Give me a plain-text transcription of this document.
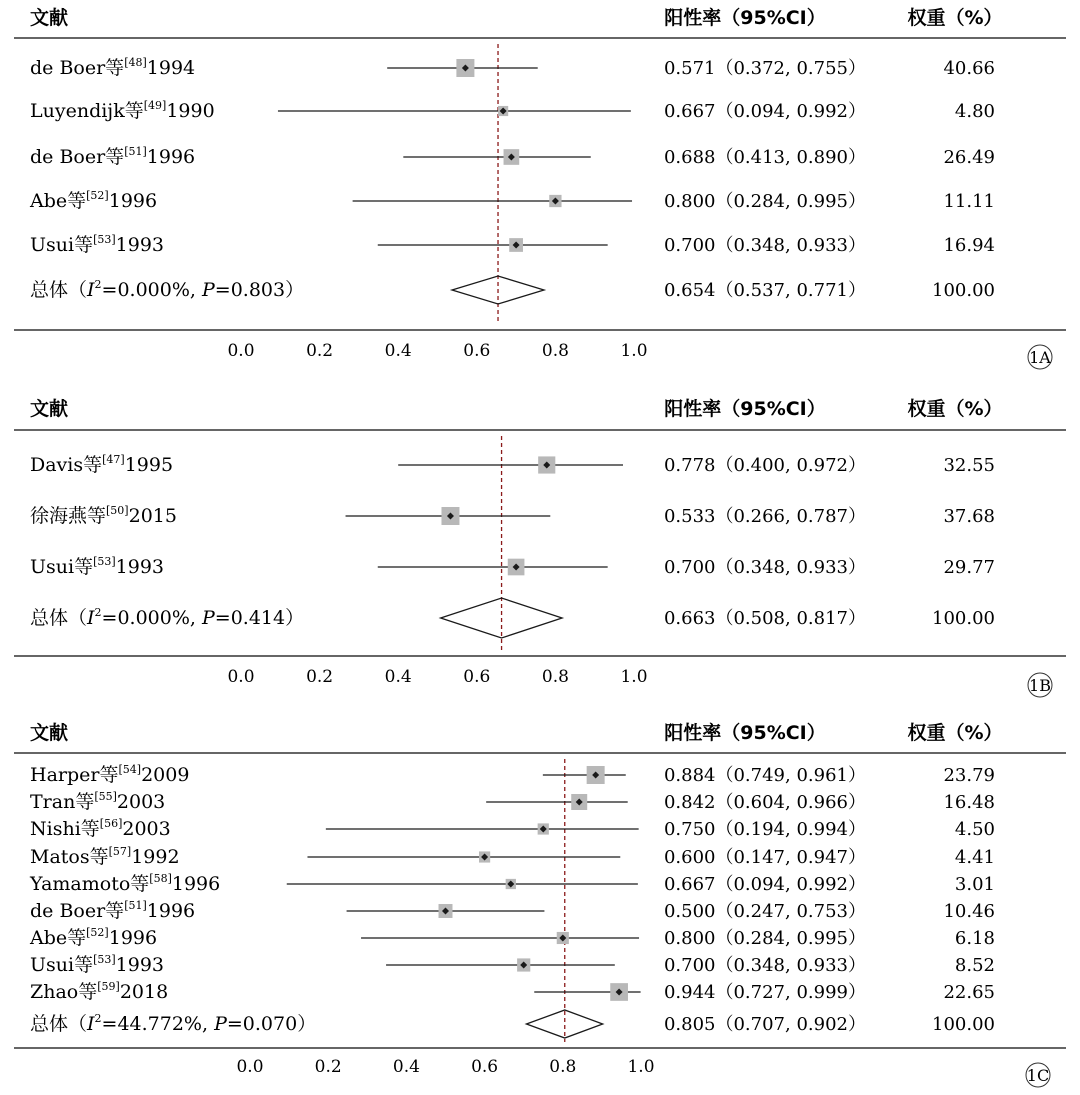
文献	阳性率（95%CI）	权重（%）
0.0	0.2	0.4	0.6	0.8	1.0
de Boer等[48]1994	0.571（0.372, 0.755）	40.66
Luyendijk等[49]1990	0.667（0.094, 0.992）	4.80
de Boer等[51]1996	0.688（0.413, 0.890）	26.49
Abe等[52]1996	0.800（0.284, 0.995）	11.11
Usui等[53]1993	0.700（0.348, 0.933）	16.94
总体（$I^2=0.000\%$, P=0.803）	0.654（0.537, 0.771）	100.00
1A
文献	阳性率（95%CI）	权重（%）
0.0	0.2	0.4	0.6	0.8	1.0
Davis等[47]1995	0.778（0.400, 0.972）	32.55
徐海燕等[50]2015	0.533（0.266, 0.787）	37.68
Usui等[53]1993	0.700（0.348, 0.933）	29.77
总体（$I^2=0.000\%$, P=0.414）	0.663（0.508, 0.817）	100.00
1B
文献	阳性率（95%CI）	权重（%）
0.0	0.2	0.4	0.6	0.8	1.0
Harper等[54]2009	0.884（0.749, 0.961）	23.79
Tran等[55]2003	0.842（0.604, 0.966）	16.48
Nishi等[56]2003	0.750（0.194, 0.994）	4.50
Matos等[57]1992	0.600（0.147, 0.947）	4.41
Yamamoto等[58]1996	0.667（0.094, 0.992）	3.01
de Boer等[51]1996	0.500（0.247, 0.753）	10.46
Abe等[52]1996	0.800（0.284, 0.995）	6.18
Usui等[53]1993	0.700（0.348, 0.933）	8.52
Zhao等[59]2018	0.944（0.727, 0.999）	22.65
总体（$I^2=44.772\%$, P=0.070）	0.805（0.707, 0.902）	100.00
1C
